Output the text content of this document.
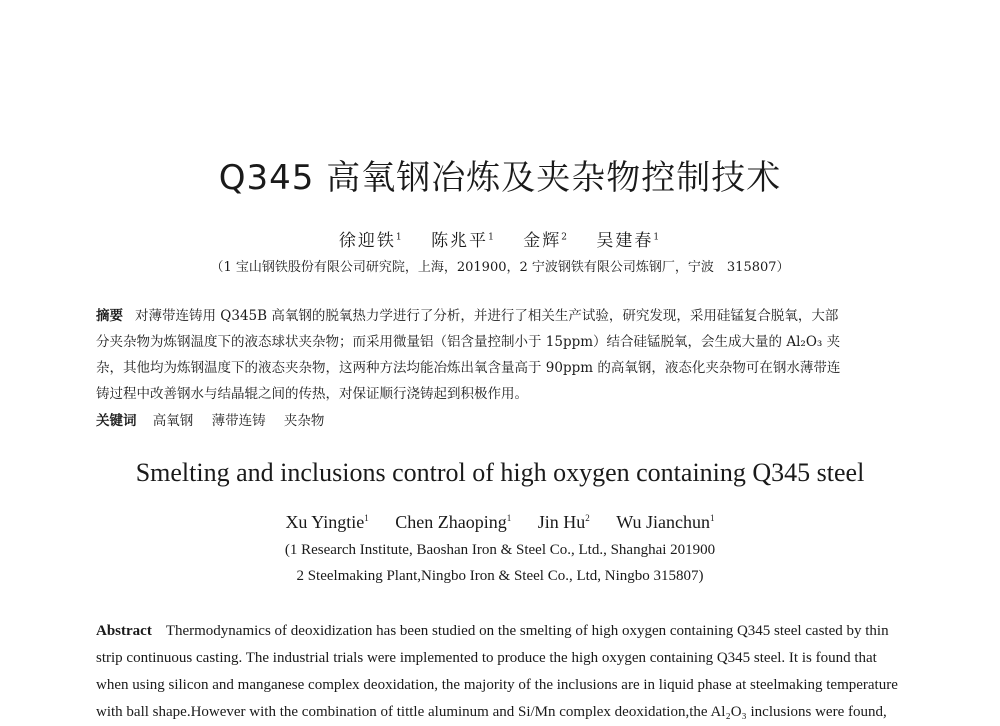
Q345 高氧钢冶炼及夹杂物控制技术
徐迎铁$^1$ 陈兆平$^1$ 金辉$^2$ 吴建春$^1$
（1 宝山钢铁股份有限公司研究院，上海，201900，2 宁波钢铁有限公司炼钢厂，宁波　315807）
摘要 对薄带连铸用 Q345B 高氧钢的脱氧热力学进行了分析，并进行了相关生产试验，研究发现，采用硅锰复合脱氧，大部
分夹杂物为炼钢温度下的液态球状夹杂物；而采用微量铝（铝含量控制小于 15ppm）结合硅锰脱氧，会生成大量的 Al₂O₃ 夹
杂，其他均为炼钢温度下的液态夹杂物，这两种方法均能冶炼出氧含量高于 90ppm 的高氧钢，液态化夹杂物可在钢水薄带连
铸过程中改善钢水与结晶辊之间的传热，对保证顺行浇铸起到积极作用。
关键词 高氧钢 薄带连铸 夹杂物
Smelting and inclusions control of high oxygen containing Q345 steel
Xu Yingtie$^1$ Chen Zhaoping$^1$ Jin Hu$^2$ Wu Jianchun$^1$
(1 Research Institute, Baoshan Iron & Steel Co., Ltd., Shanghai 201900
2 Steelmaking Plant,Ningbo Iron & Steel Co., Ltd, Ningbo 315807)
Abstract Thermodynamics of deoxidization has been studied on the smelting of high oxygen containing Q345 steel casted by thin
strip continuous casting. The industrial trials were implemented to produce the high oxygen containing Q345 steel. It is found that
when using silicon and manganese complex deoxidation, the majority of the inclusions are in liquid phase at steelmaking temperature
with ball shape.However with the combination of tittle aluminum and Si/Mn complex deoxidation,the Al₂O₃ inclusions were found,
